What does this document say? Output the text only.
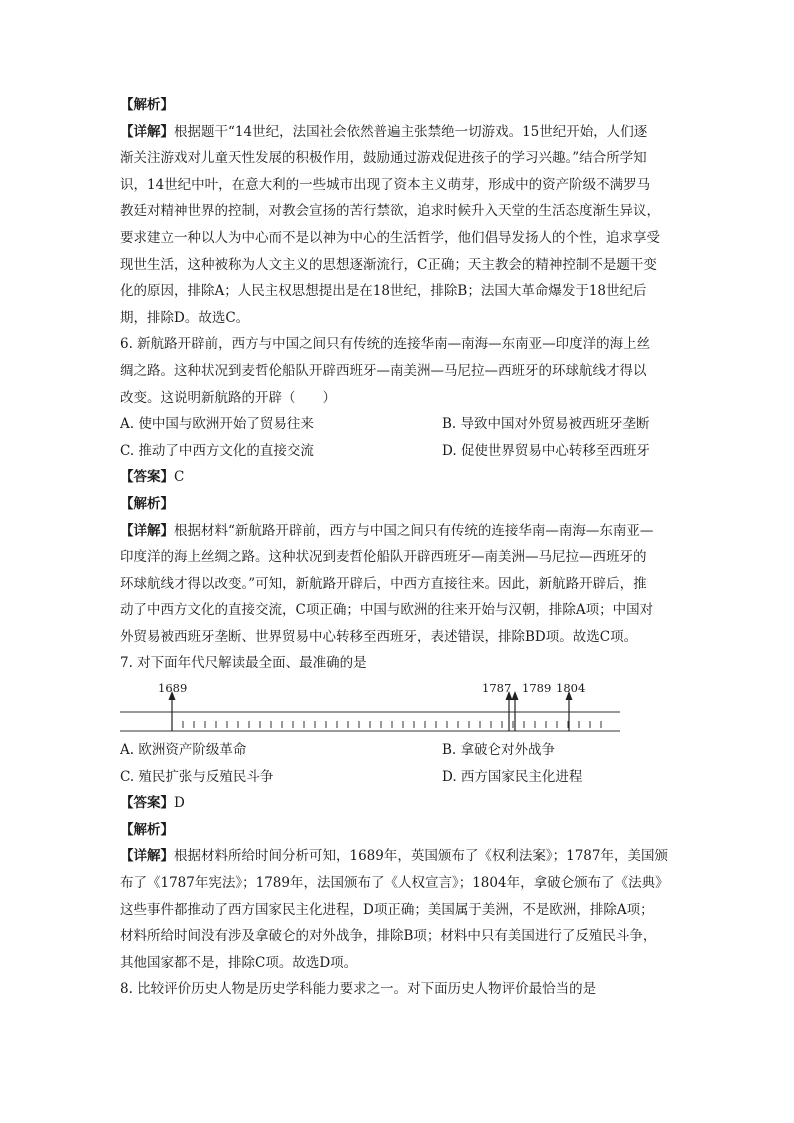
【解析】
【详解】根据题干“14世纪，法国社会依然普遍主张禁绝一切游戏。15世纪开始，人们逐
渐关注游戏对儿童天性发展的积极作用，鼓励通过游戏促进孩子的学习兴趣。”结合所学知
识，14世纪中叶，在意大利的一些城市出现了资本主义萌芽，形成中的资产阶级不满罗马
教廷对精神世界的控制，对教会宣扬的苦行禁欲，追求时候升入天堂的生活态度渐生异议，
要求建立一种以人为中心而不是以神为中心的生活哲学，他们倡导发扬人的个性，追求享受
现世生活，这种被称为人文主义的思想逐渐流行，C正确；天主教会的精神控制不是题干变
化的原因，排除A；人民主权思想提出是在18世纪，排除B；法国大革命爆发于18世纪后
期，排除D。故选C。
6. 新航路开辟前，西方与中国之间只有传统的连接华南—南海—东南亚—印度洋的海上丝
绸之路。这种状况到麦哲伦船队开辟西班牙—南美洲—马尼拉—西班牙的环球航线才得以
改变。这说明新航路的开辟（　　）
A. 使中国与欧洲开始了贸易往来	B. 导致中国对外贸易被西班牙垄断
C. 推动了中西方文化的直接交流	D. 促使世界贸易中心转移至西班牙
【答案】C
【解析】
【详解】根据材料“新航路开辟前，西方与中国之间只有传统的连接华南—南海—东南亚—
印度洋的海上丝绸之路。这种状况到麦哲伦船队开辟西班牙—南美洲—马尼拉—西班牙的
环球航线才得以改变。”可知，新航路开辟后，中西方直接往来。因此，新航路开辟后，推
动了中西方文化的直接交流，C项正确；中国与欧洲的往来开始与汉朝，排除A项；中国对
外贸易被西班牙垄断、世界贸易中心转移至西班牙，表述错误，排除BD项。故选C项。
7. 对下面年代尺解读最全面、最准确的是
1689	1787 1789 1804
A. 欧洲资产阶级革命	B. 拿破仑对外战争
C. 殖民扩张与反殖民斗争	D. 西方国家民主化进程
【答案】D
【解析】
【详解】根据材料所给时间分析可知，1689年，英国颁布了《权利法案》；1787年，美国颁
布了《1787年宪法》；1789年，法国颁布了《人权宣言》；1804年，拿破仑颁布了《法典》
这些事件都推动了西方国家民主化进程，D项正确；美国属于美洲，不是欧洲，排除A项；
材料所给时间没有涉及拿破仑的对外战争，排除B项；材料中只有美国进行了反殖民斗争，
其他国家都不是，排除C项。故选D项。
8. 比较评价历史人物是历史学科能力要求之一。对下面历史人物评价最恰当的是
